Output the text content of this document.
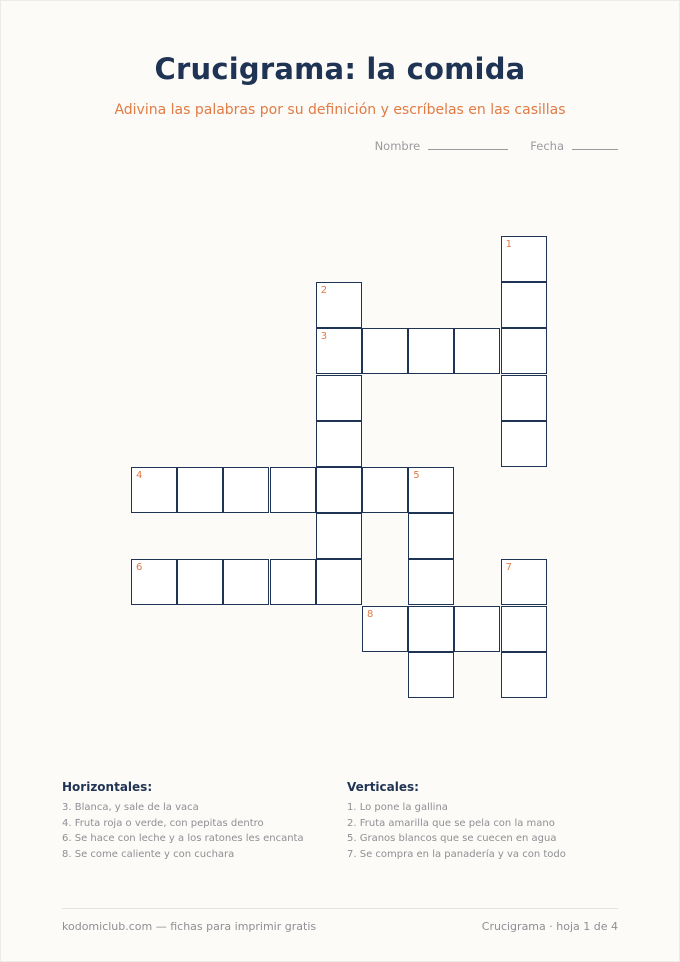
Crucigrama: la comida
Adivina las palabras por su definición y escríbelas en las casillas
Nombre	Fecha
1
2
3
4	5
6	7
8
Horizontales:
3. Blanca, y sale de la vaca
4. Fruta roja o verde, con pepitas dentro
6. Se hace con leche y a los ratones les encanta
8. Se come caliente y con cuchara
Verticales:
1. Lo pone la gallina
2. Fruta amarilla que se pela con la mano
5. Granos blancos que se cuecen en agua
7. Se compra en la panadería y va con todo
kodomiclub.com — fichas para imprimir gratis	Crucigrama · hoja 1 de 4
